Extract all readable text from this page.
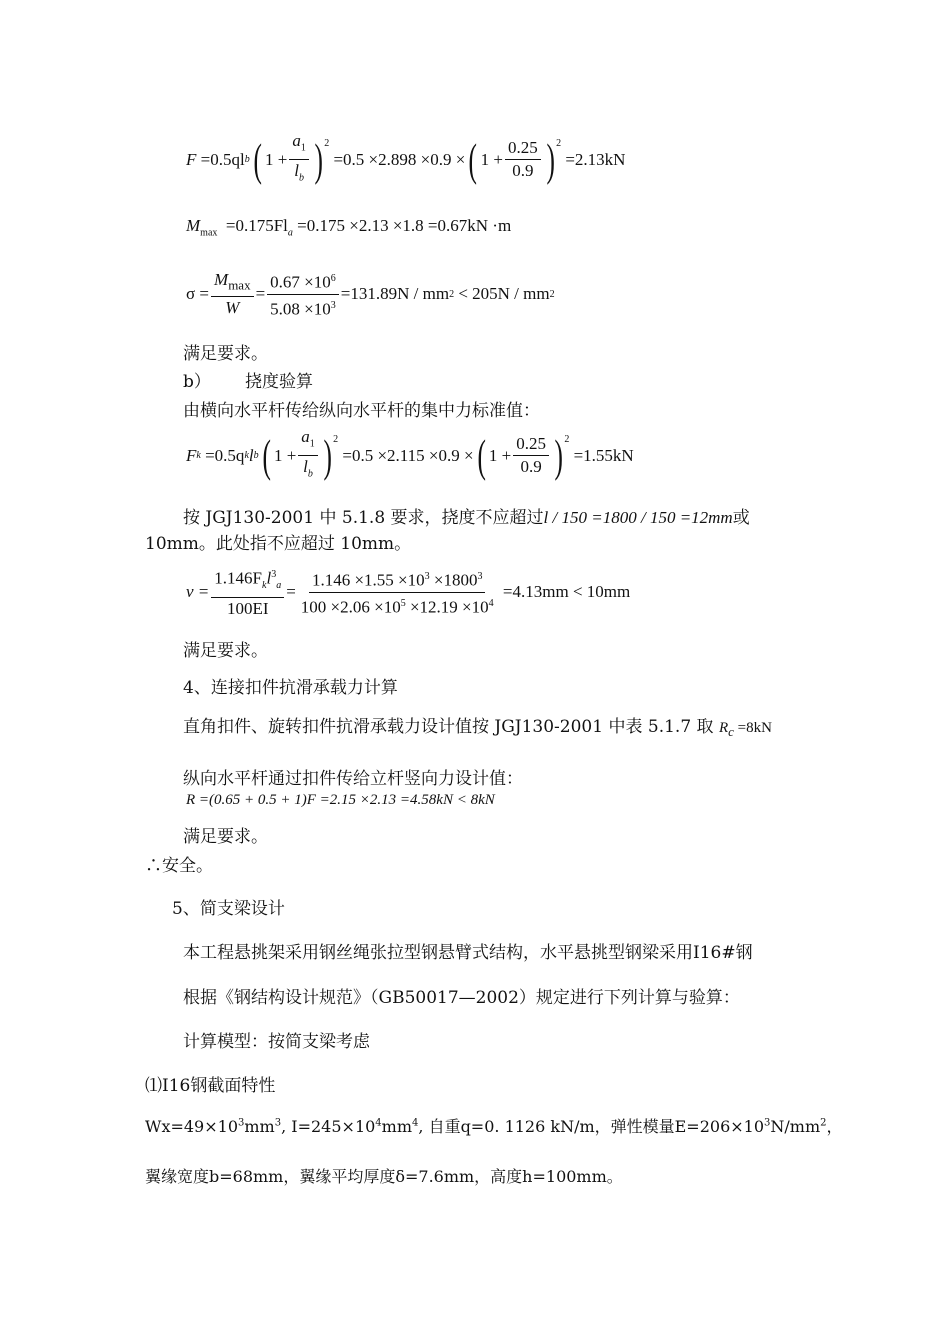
F
=0.5ql b ( $1 + \frac{a_1}{l_b}$ ) 2

=0.5 ×2.898 ×0.9 × ( $1 + \frac{0.25}{0.9}$ ) 2

=2.13kN
$M_{max} =0.175Fl_a =0.175 \times 2.13 \times 1.8 =0.67kN \cdot m$
$\sigma = \frac{M_{max}}{W} = \frac{0.67 \times 10^6}{5.08 \times 10^3} =131.89N$ / mm 2
< 205N / mm 2
满足要求。
b） 挠度验算
由横向水平杆传给纵向水平杆的集中力标准值：
F k
=0.5q k l b ( $1 + \frac{a_1}{l_b}$ ) 2

=0.5 ×2.115 ×0.9 × ( $1 + \frac{0.25}{0.9}$ ) 2

=1.55kN
按 JGJ130-2001 中 5.1.8 要求，挠度不应超过l / 150 =1800 / 150 =12mm或
10mm。此处指不应超过 10mm。
$v = \frac{1.146F_kl^3_a}{100EI} = \frac{1.146 \times 1.55 \times 10^3 \times 1800^3}{100 \times 2.06 \times 10^5 \times 12.19 \times 10^4}$
=4.13mm < 10mm
满足要求。
4、连接扣件抗滑承载力计算
直角扣件、旋转扣件抗滑承载力设计值按 JGJ130-2001 中表 5.1.7 取 $R_c =8kN$
纵向水平杆通过扣件传给立杆竖向力设计值：
R =(0.65 + 0.5 + 1)F =2.15 ×2.13 =4.58kN < 8kN
满足要求。
∴安全。
5、简支梁设计
本工程悬挑架采用钢丝绳张拉型钢悬臂式结构，水平悬挑型钢梁采用I16#钢
根据《钢结构设计规范》（GB50017—2002）规定进行下列计算与验算：
计算模型：按简支梁考虑
⑴I16钢截面特性
$Wx=49\times 10^3mm^3$, $I=245\times 10^4mm^4$, 自重q=0. 1126 kN/m，弹性模量$E=206\times 10^3N/mm^2$，
翼缘宽度b=68mm，翼缘平均厚度δ=7.6mm，高度h=100mm。
